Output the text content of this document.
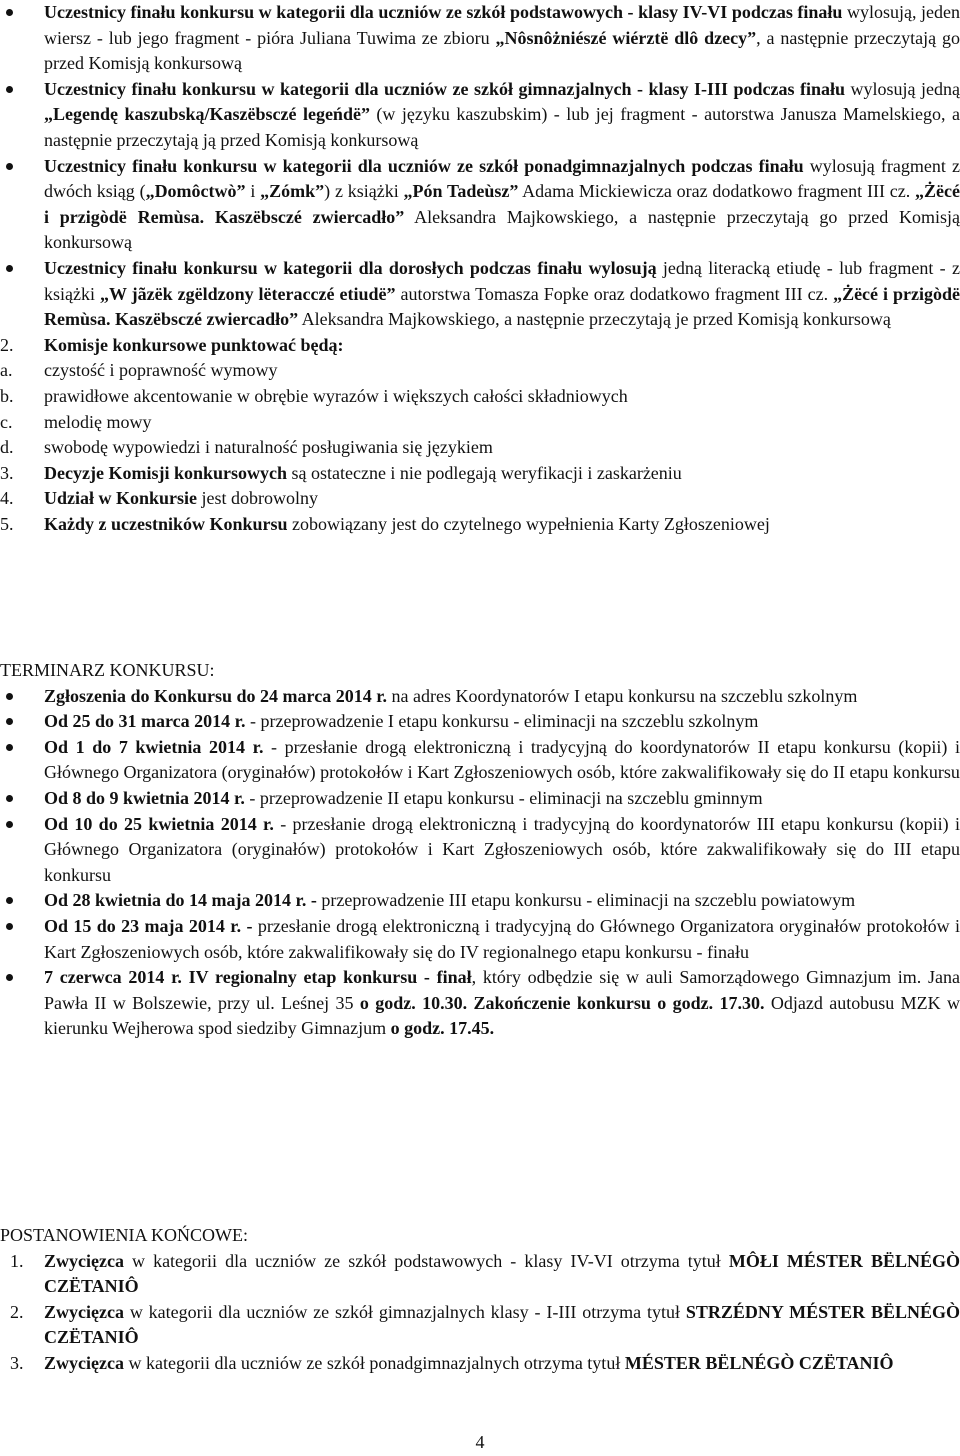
Uczestnicy finału konkursu w kategorii dla uczniów ze szkół podstawowych - klasy IV-VI podczas finału wylosują, jeden wiersz - lub jego fragment - pióra Juliana Tuwima ze zbioru „Nôsnôżniészé wiérztë dlô dzecy”, a następnie przeczytają go przed Komisją konkursową

Uczestnicy finału konkursu w kategorii dla uczniów ze szkół gimnazjalnych - klasy I-III podczas finału wylosują jedną „Legendę kaszubską/Kaszëbsczé legeńdë” (w języku kaszubskim) - lub jej fragment - autorstwa Janusza Mamelskiego, a następnie przeczytają ją przed Komisją konkursową

Uczestnicy finału konkursu w kategorii dla uczniów ze szkół ponadgimnazjalnych podczas finału wylosują fragment z dwóch ksiąg („Domôctwò” i „Zómk”) z książki „Pón Tadeùsz” Adama Mickiewicza oraz dodatkowo fragment III cz. „Żëcé i przigòdë Remùsa. Kaszëbsczé zwiercadło” Aleksandra Majkowskiego, a następnie przeczytają go przed Komisją konkursową

Uczestnicy finału konkursu w kategorii dla dorosłych podczas finału wylosują jedną literacką etiudę - lub fragment - z książki „W jãzëk zgëldzony lëteracczé etiudë” autorstwa Tomasza Fopke oraz dodatkowo fragment III cz. „Żëcé i przigòdë Remùsa. Kaszëbsczé zwiercadło” Aleksandra Majkowskiego, a następnie przeczytają je przed Komisją konkursową

2. Komisje konkursowe punktować będą:

a. czystość i poprawność wymowy

b. prawidłowe akcentowanie w obrębie wyrazów i większych całości składniowych

c. melodię mowy

d. swobodę wypowiedzi i naturalność posługiwania się językiem

3. Decyzje Komisji konkursowych są ostateczne i nie podlegają weryfikacji i zaskarżeniu

4. Udział w Konkursie jest dobrowolny

5. Każdy z uczestników Konkursu zobowiązany jest do czytelnego wypełnienia Karty Zgłoszeniowej

TERMINARZ KONKURSU:

Zgłoszenia do Konkursu do 24 marca 2014 r. na adres Koordynatorów I etapu konkursu na szczeblu szkolnym

Od 25 do 31 marca 2014 r. - przeprowadzenie I etapu konkursu - eliminacji na szczeblu szkolnym

Od 1 do 7 kwietnia 2014 r. - przesłanie drogą elektroniczną i tradycyjną do koordynatorów II etapu konkursu (kopii) i Głównego Organizatora (oryginałów) protokołów i Kart Zgłoszeniowych osób, które zakwalifikowały się do II etapu konkursu

Od 8 do 9 kwietnia 2014 r. - przeprowadzenie II etapu konkursu - eliminacji na szczeblu gminnym

Od 10 do 25 kwietnia 2014 r. - przesłanie drogą elektroniczną i tradycyjną do koordynatorów III etapu konkursu (kopii) i Głównego Organizatora (oryginałów) protokołów i Kart Zgłoszeniowych osób, które zakwalifikowały się do III etapu konkursu

Od 28 kwietnia do 14 maja 2014 r. - przeprowadzenie III etapu konkursu - eliminacji na szczeblu powiatowym

Od 15 do 23 maja 2014 r. - przesłanie drogą elektroniczną i tradycyjną do Głównego Organizatora oryginałów protokołów i Kart Zgłoszeniowych osób, które zakwalifikowały się do IV regionalnego etapu konkursu - finału

7 czerwca 2014 r. IV regionalny etap konkursu - finał, który odbędzie się w auli Samorządowego Gimnazjum im. Jana Pawła II w Bolszewie, przy ul. Leśnej 35 o godz. 10.30. Zakończenie konkursu o godz. 17.30. Odjazd autobusu MZK w kierunku Wejherowa spod siedziby Gimnazjum o godz. 17.45.

POSTANOWIENIA KOŃCOWE:

1. Zwycięzca w kategorii dla uczniów ze szkół podstawowych - klasy IV-VI otrzyma tytuł MÔŁI MÉSTER BËLNÉGÒ CZËTANIÔ

2. Zwycięzca w kategorii dla uczniów ze szkół gimnazjalnych klasy - I-III otrzyma tytuł STRZÉDNY MÉSTER BËLNÉGÒ CZËTANIÔ

3. Zwycięzca w kategorii dla uczniów ze szkół ponadgimnazjalnych otrzyma tytuł MÉSTER BËLNÉGÒ CZËTANIÔ

4
